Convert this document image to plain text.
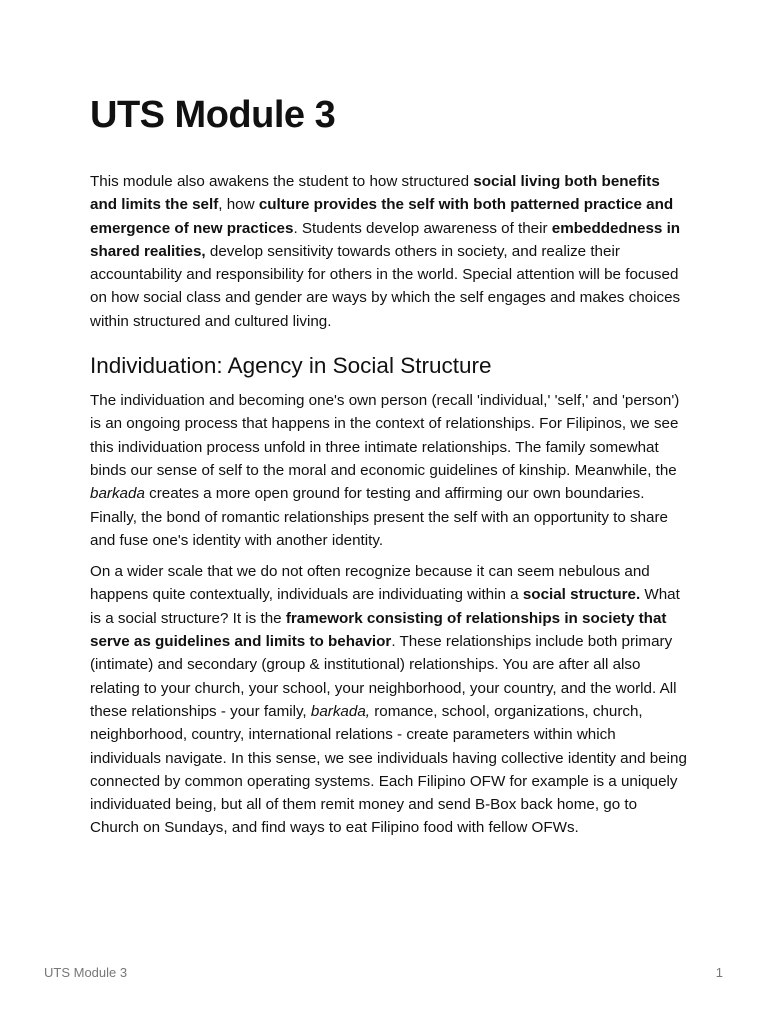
UTS Module 3

This module also awakens the student to how structured social living both benefits and limits the self, how culture provides the self with both patterned practice and emergence of new practices. Students develop awareness of their embeddedness in shared realities, develop sensitivity towards others in society, and realize their accountability and responsibility for others in the world. Special attention will be focused on how social class and gender are ways by which the self engages and makes choices within structured and cultured living.

Individuation: Agency in Social Structure

The individuation and becoming one's own person (recall 'individual,' 'self,' and 'person') is an ongoing process that happens in the context of relationships. For Filipinos, we see this individuation process unfold in three intimate relationships. The family somewhat binds our sense of self to the moral and economic guidelines of kinship. Meanwhile, the barkada creates a more open ground for testing and affirming our own boundaries. Finally, the bond of romantic relationships present the self with an opportunity to share and fuse one's identity with another identity.

On a wider scale that we do not often recognize because it can seem nebulous and happens quite contextually, individuals are individuating within a social structure. What is a social structure? It is the framework consisting of relationships in society that serve as guidelines and limits to behavior. These relationships include both primary (intimate) and secondary (group & institutional) relationships. You are after all also relating to your church, your school, your neighborhood, your country, and the world. All these relationships - your family, barkada, romance, school, organizations, church, neighborhood, country, international relations - create parameters within which individuals navigate. In this sense, we see individuals having collective identity and being connected by common operating systems. Each Filipino OFW for example is a uniquely individuated being, but all of them remit money and send B-Box back home, go to Church on Sundays, and find ways to eat Filipino food with fellow OFWs.

UTS Module 3	1
